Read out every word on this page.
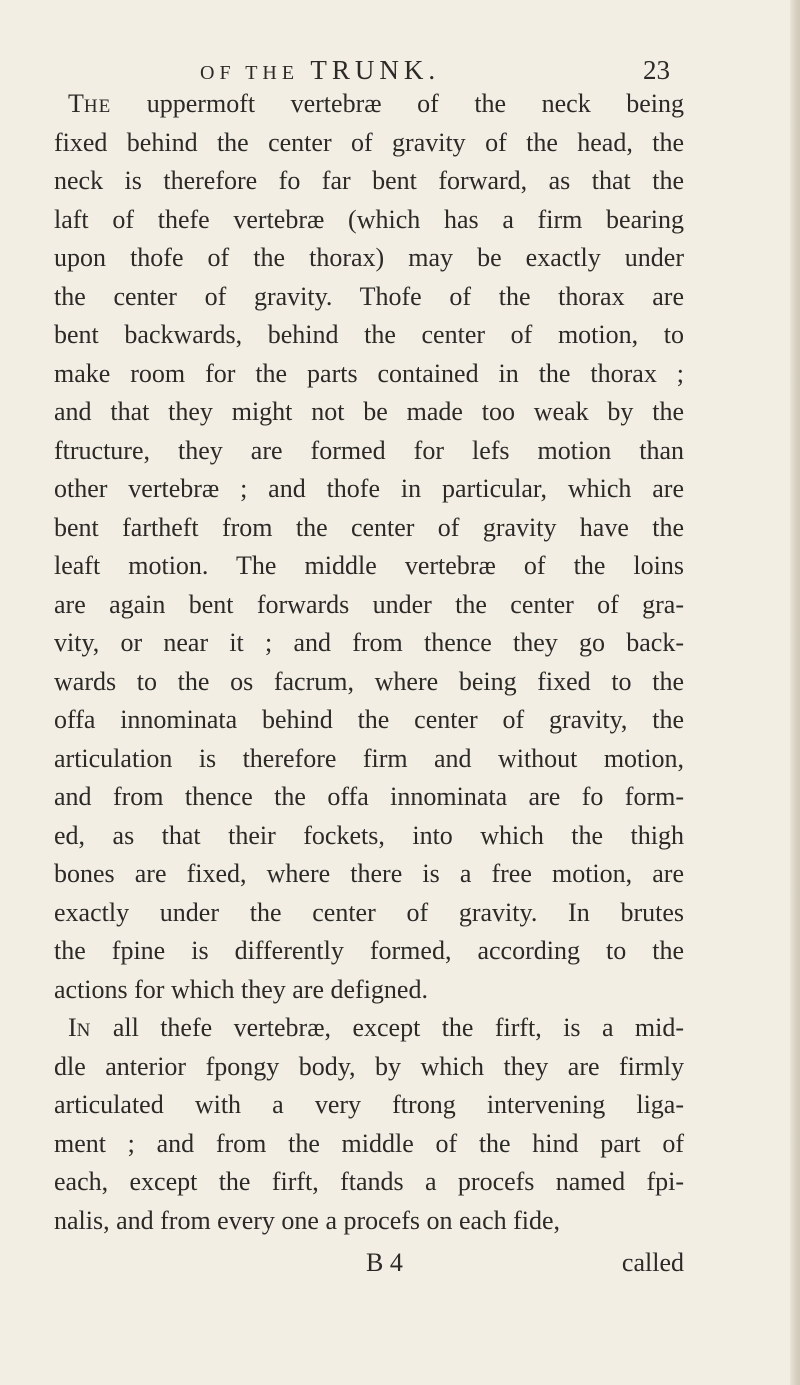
OF THE TRUNK.	23
THE uppermoft vertebræ of the neck being
fixed behind the center of gravity of the head, the
neck is therefore fo far bent forward, as that the
laft of thefe vertebræ (which has a firm bearing
upon thofe of the thorax) may be exactly under
the center of gravity. Thofe of the thorax are
bent backwards, behind the center of motion, to
make room for the parts contained in the thorax ;
and that they might not be made too weak by the
ftructure, they are formed for lefs motion than
other vertebræ ; and thofe in particular, which are
bent fartheft from the center of gravity have the
leaft motion. The middle vertebræ of the loins
are again bent forwards under the center of gra-
vity, or near it ; and from thence they go back-
wards to the os facrum, where being fixed to the
offa innominata behind the center of gravity, the
articulation is therefore firm and without motion,
and from thence the offa innominata are fo form-
ed, as that their fockets, into which the thigh
bones are fixed, where there is a free motion, are
exactly under the center of gravity. In brutes
the fpine is differently formed, according to the
actions for which they are defigned.
IN all thefe vertebræ, except the firft, is a mid-
dle anterior fpongy body, by which they are firmly
articulated with a very ftrong intervening liga-
ment ; and from the middle of the hind part of
each, except the firft, ftands a procefs named fpi-
nalis, and from every one a procefs on each fide,
B 4	called
